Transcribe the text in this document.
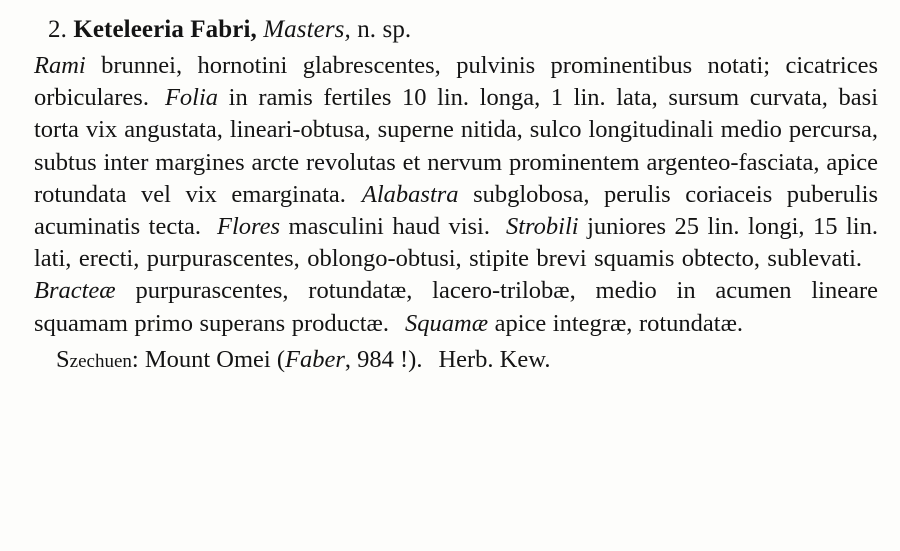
2. Keteleeria Fabri, Masters, n. sp.

Rami brunnei, hornotini glabrescentes, pulvinis prominentibus notati; cicatrices orbiculares. Folia in ramis fertiles 10 lin. longa, 1 lin. lata, sursum curvata, basi torta vix angustata, lineari-obtusa, superne nitida, sulco longitudinali medio percursa, subtus inter margines arcte revolutas et nervum prominentem argenteo-fasciata, apice rotundata vel vix emarginata. Alabastra subglobosa, perulis coriaceis puberulis acuminatis tecta. Flores masculini haud visi. Strobili juniores 25 lin. longi, 15 lin. lati, erecti, purpurascentes, oblongo-obtusi, stipite brevi squamis obtecto, sublevati.Bracteæ purpurascentes, rotundatæ, lacero-trilobæ, medio in acumen lineare squamam primo superans productæ. Squamæ apice integræ, rotundatæ.

Szechuen: Mount Omei (Faber, 984 !). Herb. Kew.
